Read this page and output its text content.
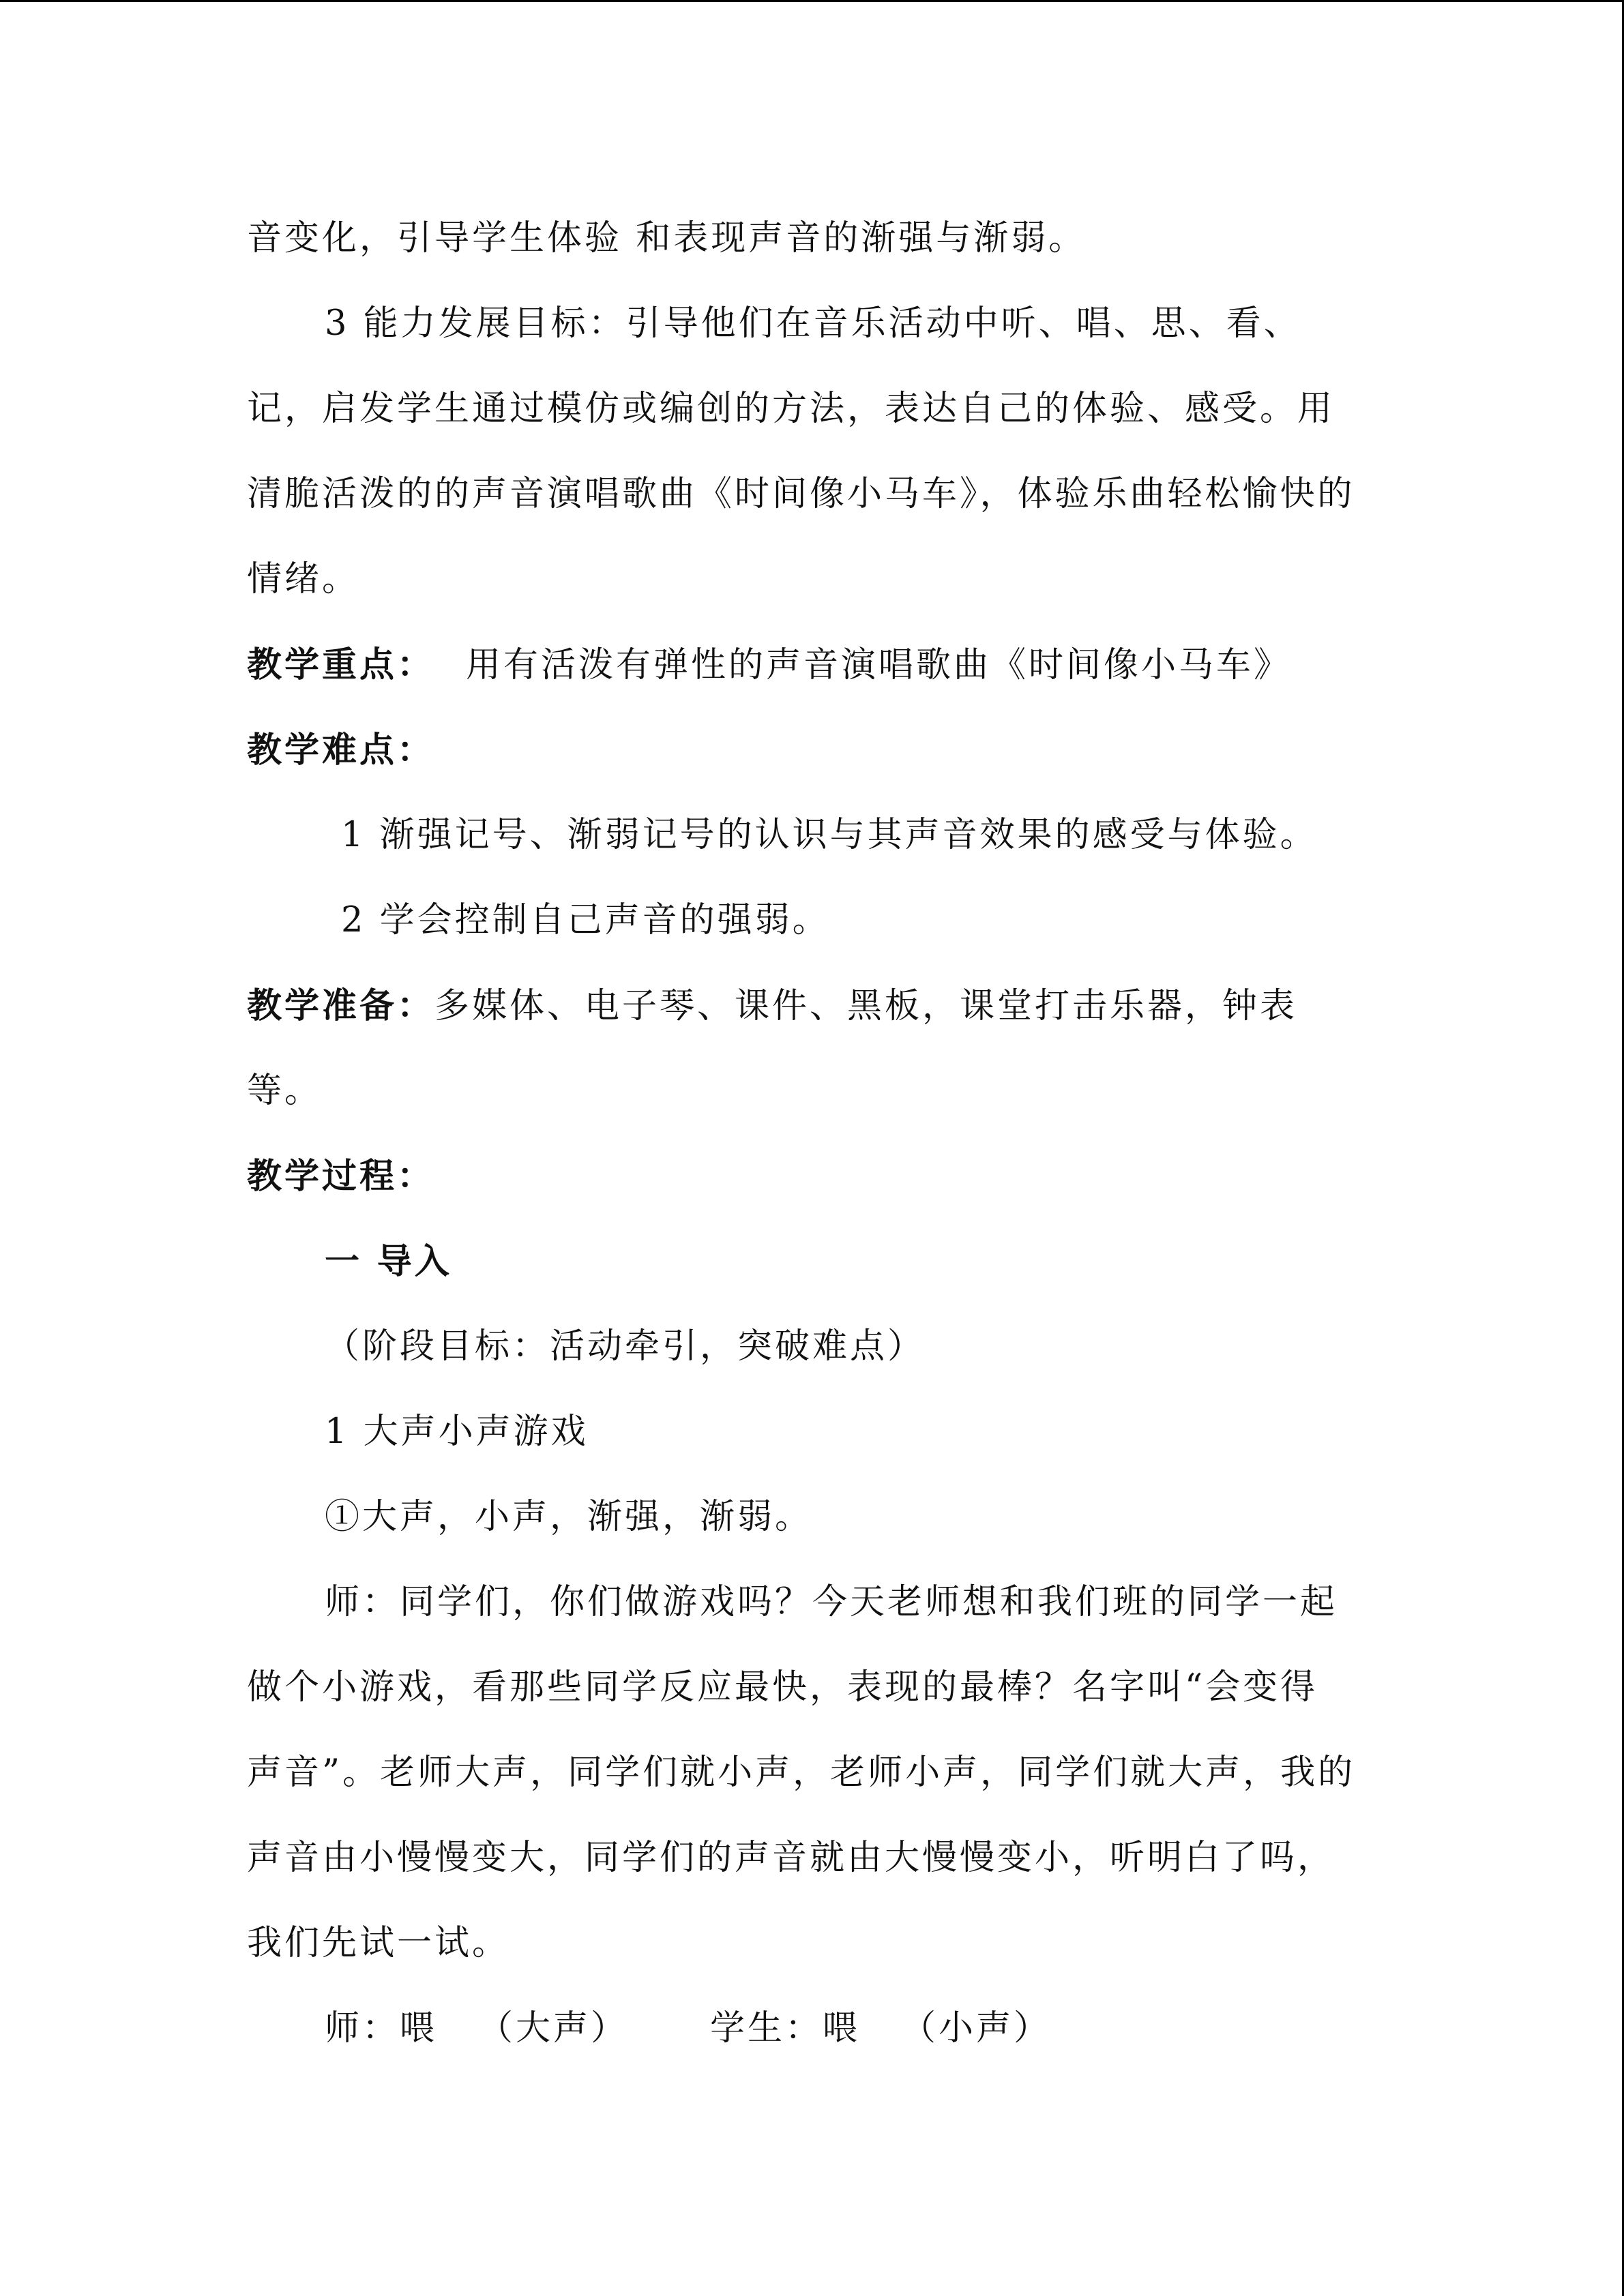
音变化，引导学生体验 和表现声音的渐强与渐弱。
3 能力发展目标：引导他们在音乐活动中听、唱、思、看、
记，启发学生通过模仿或编创的方法，表达自己的体验、感受。用
清脆活泼的的声音演唱歌曲《时间像小马车》，体验乐曲轻松愉快的
情绪。
教学重点： 用有活泼有弹性的声音演唱歌曲《时间像小马车》
教学难点：
1 渐强记号、渐弱记号的认识与其声音效果的感受与体验。
2 学会控制自己声音的强弱。
教学准备：多媒体、电子琴、课件、黑板，课堂打击乐器，钟表
等。
教学过程：
一 导入
（阶段目标：活动牵引，突破难点）
1 大声小声游戏
①大声，小声，渐强，渐弱。
师：同学们，你们做游戏吗？今天老师想和我们班的同学一起
做个小游戏，看那些同学反应最快，表现的最棒？名字叫“会变得
声音”。老师大声，同学们就小声，老师小声，同学们就大声，我的
声音由小慢慢变大，同学们的声音就由大慢慢变小，听明白了吗，
我们先试一试。
师：喂 （大声） 学生：喂 （小声）
